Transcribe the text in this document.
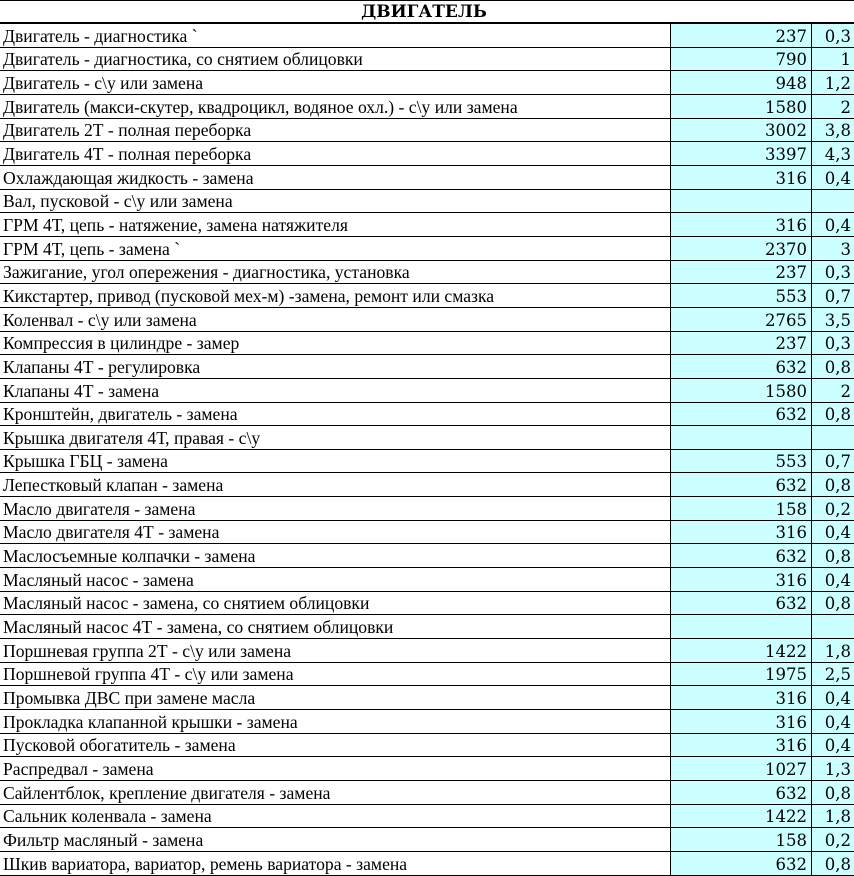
ДВИГАТЕЛЬ
Двигатель - диагностика `	237	0,3
Двигатель - диагностика, со снятием облицовки	790	1
Двигатель - с\у или замена	948	1,2
Двигатель (макси-скутер, квадроцикл, водяное охл.) - с\у или замена	1580	2
Двигатель 2Т - полная переборка	3002	3,8
Двигатель 4Т - полная переборка	3397	4,3
Охлаждающая жидкость - замена	316	0,4
Вал, пусковой - с\у или замена
ГРМ 4Т, цепь - натяжение, замена натяжителя	316	0,4
ГРМ 4Т, цепь - замена `	2370	3
Зажигание, угол опережения - диагностика, установка	237	0,3
Кикстартер, привод (пусковой мех-м) -замена, ремонт или смазка	553	0,7
Коленвал - с\у или замена	2765	3,5
Компрессия в цилиндре - замер	237	0,3
Клапаны 4Т - регулировка	632	0,8
Клапаны 4Т - замена	1580	2
Кронштейн, двигатель - замена	632	0,8
Крышка двигателя 4Т, правая - с\у
Крышка ГБЦ - замена	553	0,7
Лепестковый клапан - замена	632	0,8
Масло двигателя - замена	158	0,2
Масло двигателя 4Т - замена	316	0,4
Маслосъемные колпачки - замена	632	0,8
Масляный насос - замена	316	0,4
Масляный насос - замена, со снятием облицовки	632	0,8
Масляный насос 4Т - замена, со снятием облицовки
Поршневая группа 2Т - с\у или замена	1422	1,8
Поршневой группа 4Т - с\у или замена	1975	2,5
Промывка ДВС при замене масла	316	0,4
Прокладка клапанной крышки - замена	316	0,4
Пусковой обогатитель - замена	316	0,4
Распредвал - замена	1027	1,3
Сайлентблок, крепление двигателя - замена	632	0,8
Сальник коленвала - замена	1422	1,8
Фильтр масляный - замена	158	0,2
Шкив вариатора, вариатор, ремень вариатора - замена	632	0,8
